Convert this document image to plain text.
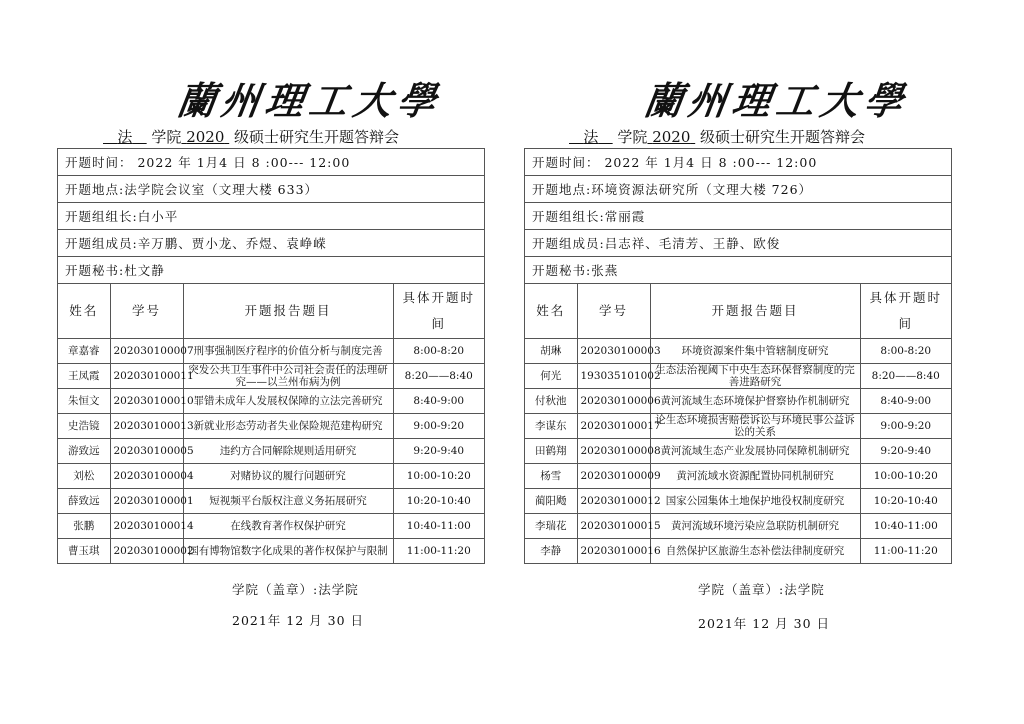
蘭州理工大學
法 学院 2020 级硕士研究生开题答辩会
开题时间： 2022 年 1月4 日 8 :00--- 12:00
开题地点:法学院会议室（文理大楼 633）
开题组组长:白小平
开题组成员:辛万鹏、贾小龙、乔煜、袁峥嵘
开题秘书:杜文静
姓名	学号	开题报告题目	具体开题时间
章嘉睿	202030100007	刑事强制医疗程序的价值分析与制度完善	8:00-8:20
王凤霞	202030100011	突发公共卫生事件中公司社会责任的法理研究——以兰州布病为例	8:20——8:40
朱恒文	202030100010	罪错未成年人发展权保障的立法完善研究	8:40-9:00
史浩镜	202030100013	新就业形态劳动者失业保险规范建构研究	9:00-9:20
游致远	202030100005	违约方合同解除规则适用研究	9:20-9:40
刘松	202030100004	对赌协议的履行问题研究	10:00-10:20
薛致远	202030100001	短视频平台版权注意义务拓展研究	10:20-10:40
张鹏	202030100014	在线教育著作权保护研究	10:40-11:00
曹玉琪	202030100002	国有博物馆数字化成果的著作权保护与限制	11:00-11:20
学院（盖章）:法学院
2021年 12 月 30 日
蘭州理工大學
法 学院 2020 级硕士研究生开题答辩会
开题时间： 2022 年 1月4 日 8 :00--- 12:00
开题地点:环境资源法研究所（文理大楼 726）
开题组组长:常丽霞
开题组成员:吕志祥、毛清芳、王静、欧俊
开题秘书:张燕
姓名	学号	开题报告题目	具体开题时间
胡琳	202030100003	环境资源案件集中管辖制度研究	8:00-8:20
何光	193035101002	生态法治视阈下中央生态环保督察制度的完善进路研究	8:20——8:40
付秋池	202030100006	黄河流域生态环境保护督察协作机制研究	8:40-9:00
李谋东	202030100017	论生态环境损害赔偿诉讼与环境民事公益诉讼的关系	9:00-9:20
田鹤翔	202030100008	黄河流域生态产业发展协同保障机制研究	9:20-9:40
杨雪	202030100009	黄河流域水资源配置协同机制研究	10:00-10:20
蔺阳飏	202030100012	国家公园集体土地保护地役权制度研究	10:20-10:40
李瑞花	202030100015	黄河流域环境污染应急联防机制研究	10:40-11:00
李静	202030100016	自然保护区旅游生态补偿法律制度研究	11:00-11:20
学院（盖章）:法学院
2021年 12 月 30 日
